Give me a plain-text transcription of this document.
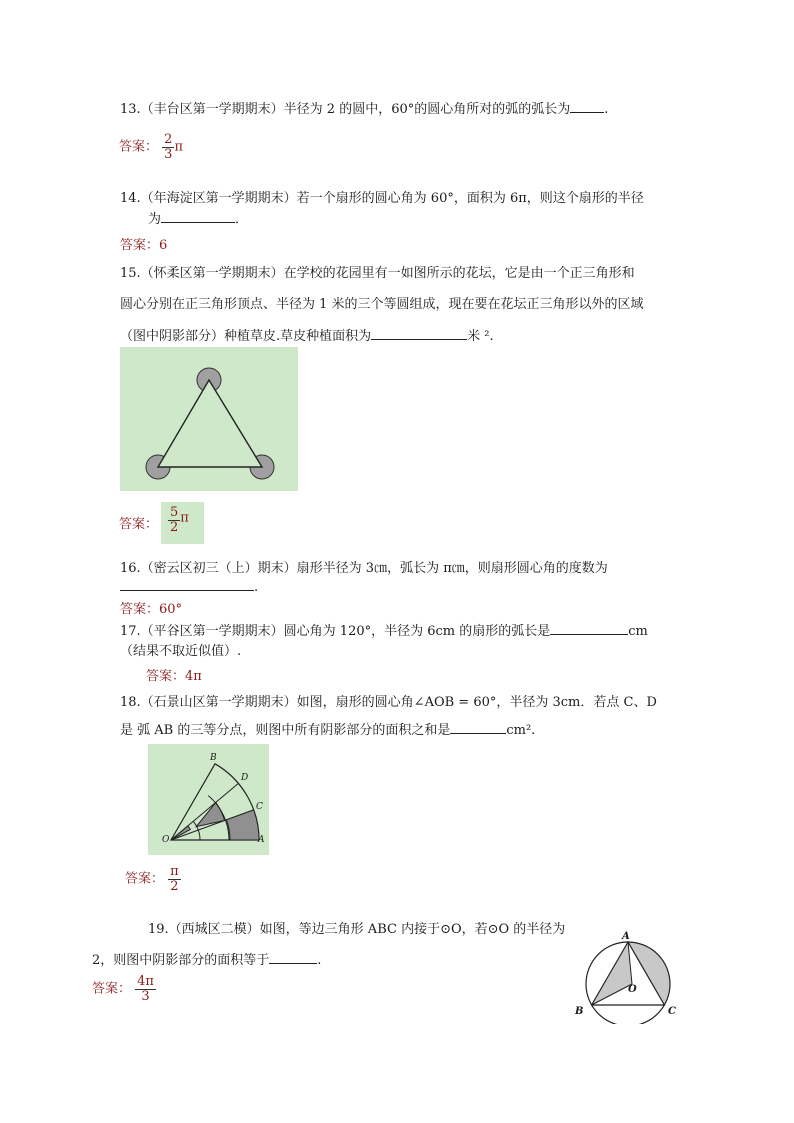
13.（丰台区第一学期期末）半径为 2 的圆中，60°的圆心角所对的弧的弧长为	.
答案： $\frac{2}{3}$ π
14.（年海淀区第一学期期末）若一个扇形的圆心角为 60°，面积为 6π，则这个扇形的半径
为	．
答案：6
15.（怀柔区第一学期期末）在学校的花园里有一如图所示的花坛，它是由一个正三角形和
圆心分别在正三角形顶点、半径为 1 米的三个等圆组成，现在要在花坛正三角形以外的区域
（图中阴影部分）种植草皮.草皮种植面积为	米 ².
答案： $\frac{5}{2}$ π
16.（密云区初三（上）期末）扇形半径为 3㎝，弧长为 π㎝，则扇形圆心角的度数为
.
答案：60°
17.（平谷区第一学期期末）圆心角为 120°，半径为 6cm 的扇形的弧长是	cm
（结果不取近似值）.
答案：4π
18.（石景山区第一学期期末）如图，扇形的圆心角∠AOB = 60°，半径为 3cm．若点 C、D
是 弧 AB 的三等分点，则图中所有阴影部分的面积之和是	cm².
O	A
B
C
D
答案： $\frac{\pi}{2}$
19.（西城区二模）如图，等边三角形 ABC 内接于⊙O，若⊙O 的半径为
2，则图中阴影部分的面积等于	.
答案： $\frac{4\pi}{3}$
A
B	C
O
